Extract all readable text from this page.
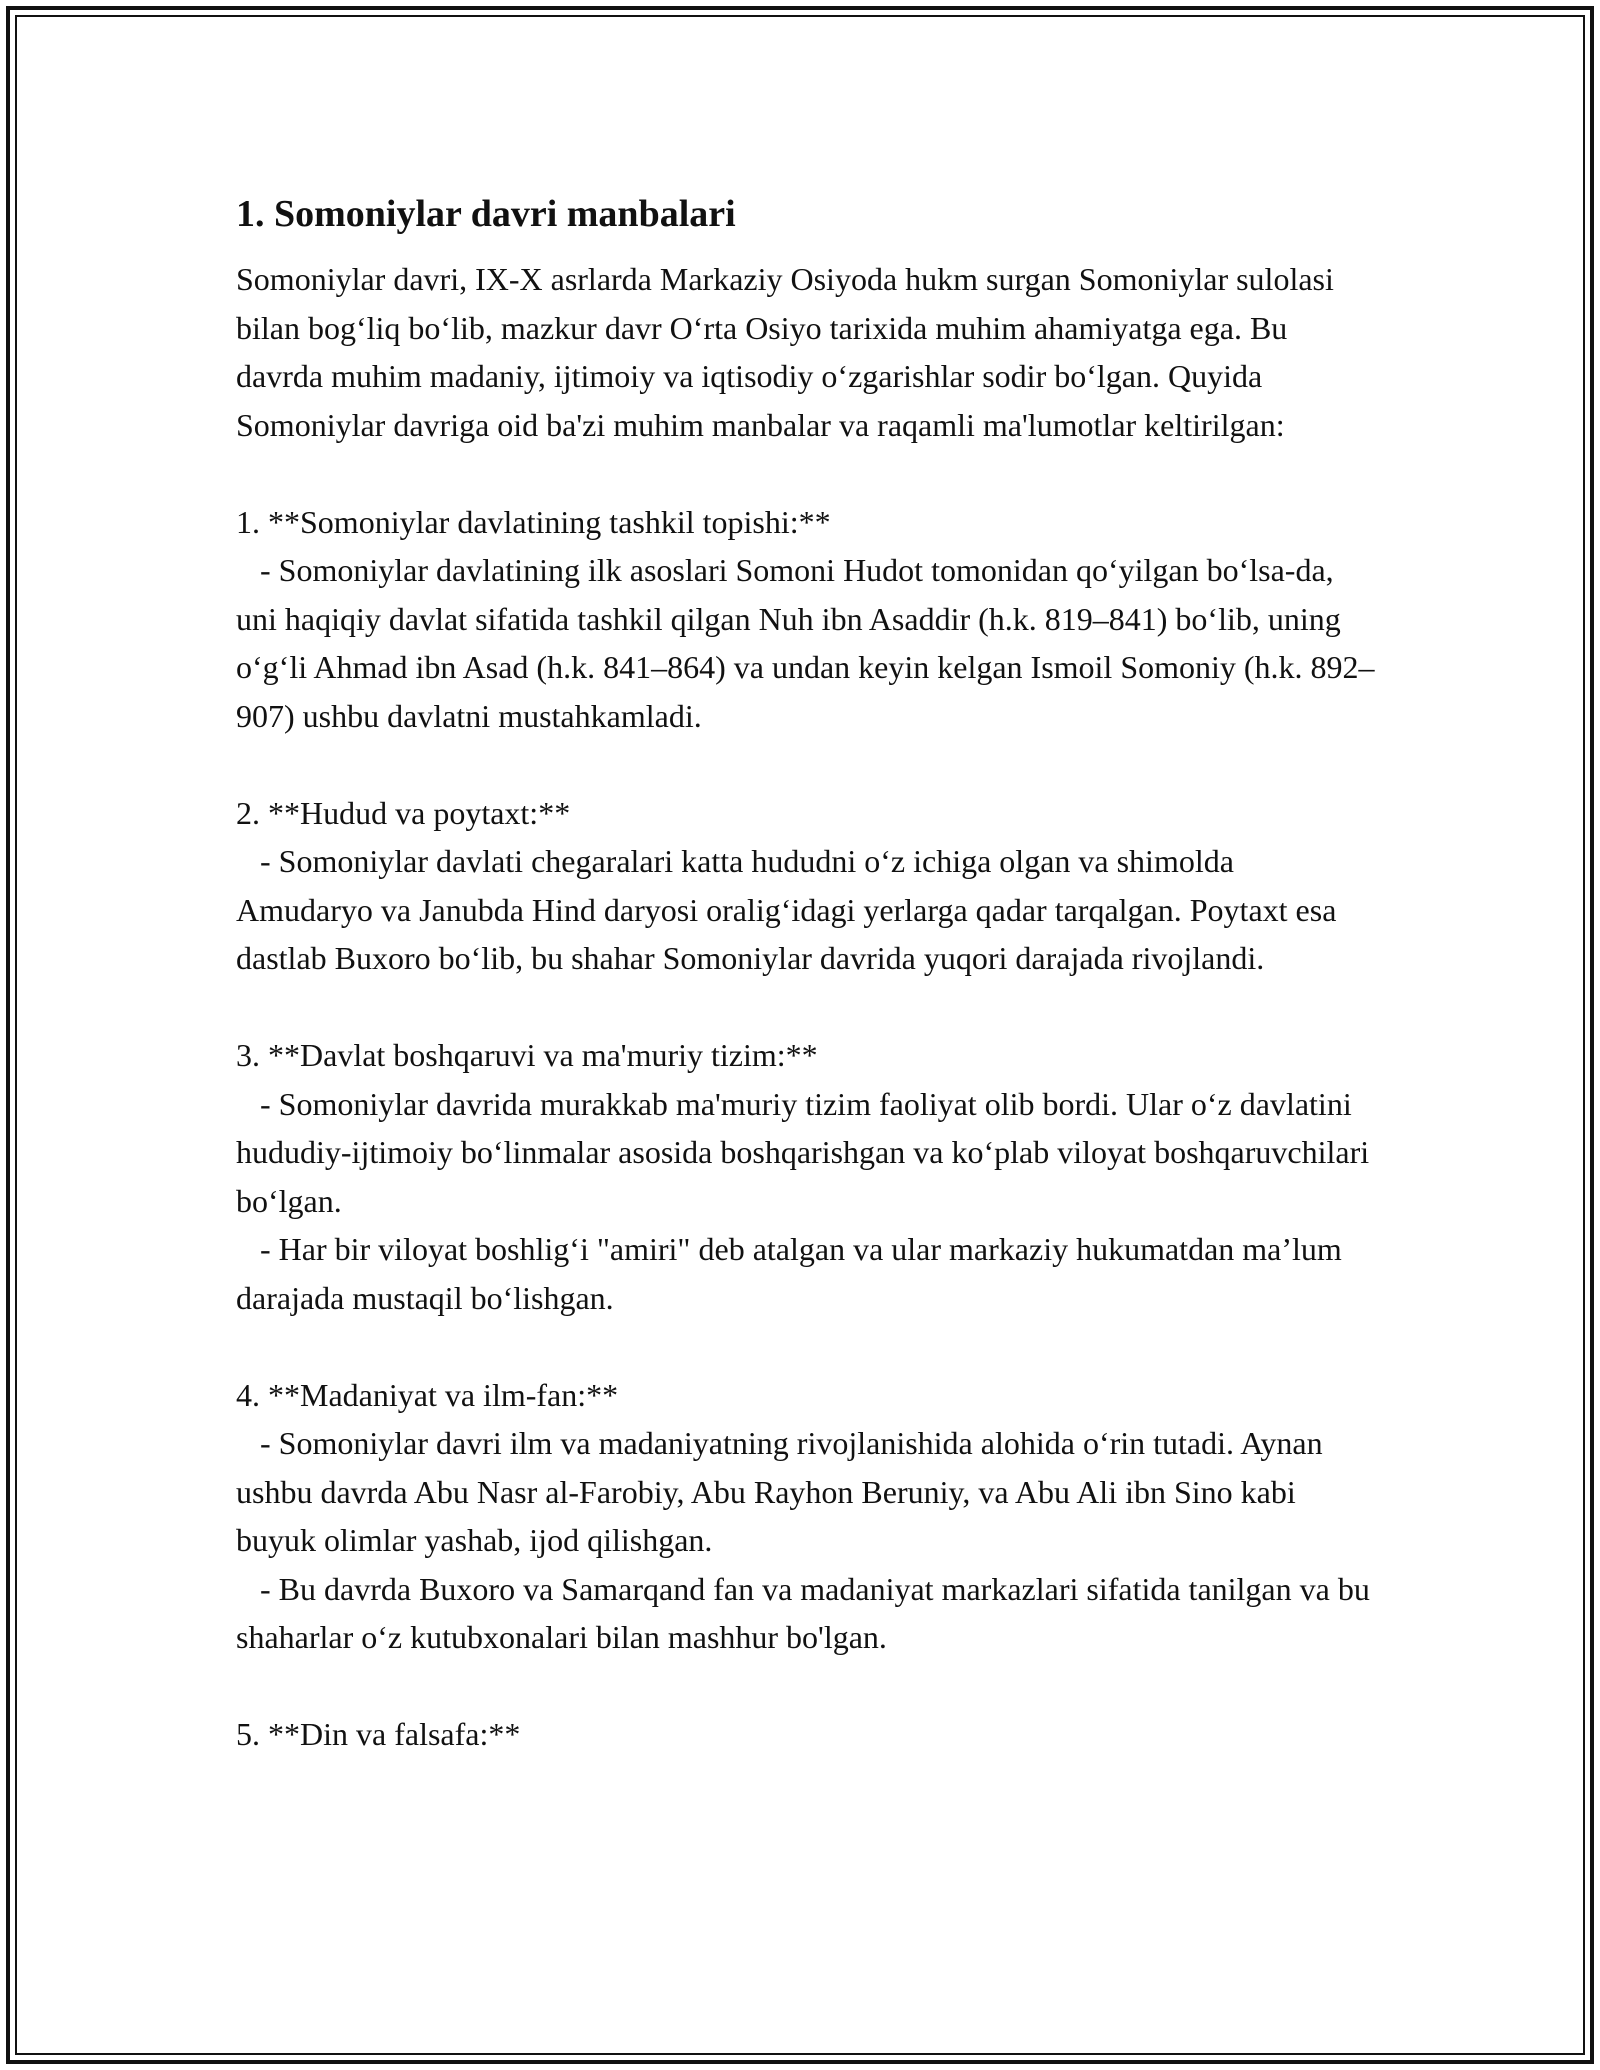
1. Somoniylar davri manbalari

Somoniylar davri, IX-X asrlarda Markaziy Osiyoda hukm surgan Somoniylar sulolasi bilan bog‘liq bo‘lib, mazkur davr O‘rta Osiyo tarixida muhim ahamiyatga ega. Bu davrda muhim madaniy, ijtimoiy va iqtisodiy o‘zgarishlar sodir bo‘lgan. Quyida Somoniylar davriga oid ba'zi muhim manbalar va raqamli ma'lumotlar keltirilgan:

1. **Somoniylar davlatining tashkil topishi:**

- Somoniylar davlatining ilk asoslari Somoni Hudot tomonidan qo‘yilgan bo‘lsa-da, uni haqiqiy davlat sifatida tashkil qilgan Nuh ibn Asaddir (h.k. 819–841) bo‘lib, uning o‘g‘li Ahmad ibn Asad (h.k. 841–864) va undan keyin kelgan Ismoil Somoniy (h.k. 892–907) ushbu davlatni mustahkamladi.

2. **Hudud va poytaxt:**

- Somoniylar davlati chegaralari katta hududni o‘z ichiga olgan va shimolda Amudaryo va Janubda Hind daryosi oralig‘idagi yerlarga qadar tarqalgan. Poytaxt esa dastlab Buxoro bo‘lib, bu shahar Somoniylar davrida yuqori darajada rivojlandi.

3. **Davlat boshqaruvi va ma'muriy tizim:**

- Somoniylar davrida murakkab ma'muriy tizim faoliyat olib bordi. Ular o‘z davlatini hududiy-ijtimoiy bo‘linmalar asosida boshqarishgan va ko‘plab viloyat boshqaruvchilari bo‘lgan.

- Har bir viloyat boshlig‘i "amiri" deb atalgan va ular markaziy hukumatdan ma’lum darajada mustaqil bo‘lishgan.

4. **Madaniyat va ilm-fan:**

- Somoniylar davri ilm va madaniyatning rivojlanishida alohida o‘rin tutadi. Aynan ushbu davrda Abu Nasr al-Farobiy, Abu Rayhon Beruniy, va Abu Ali ibn Sino kabi buyuk olimlar yashab, ijod qilishgan.

- Bu davrda Buxoro va Samarqand fan va madaniyat markazlari sifatida tanilgan va bu shaharlar o‘z kutubxonalari bilan mashhur bo'lgan.

5. **Din va falsafa:**
